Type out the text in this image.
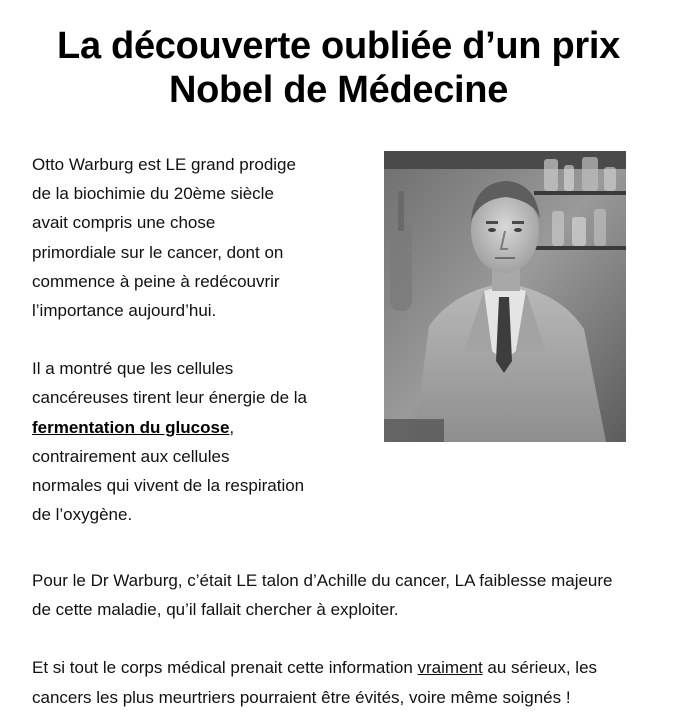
La découverte oubliée d’un prix
Nobel de Médecine

Otto Warburg est LE grand prodige
de la biochimie du 20ème siècle
avait compris une chose
primordiale sur le cancer, dont on
commence à peine à redécouvrir
l’importance aujourd’hui.

Il a montré que les cellules
cancéreuses tirent leur énergie de la
fermentation du glucose,
contrairement aux cellules
normales qui vivent de la respiration
de l’oxygène.

Pour le Dr Warburg, c’était LE talon d’Achille du cancer, LA faiblesse majeure
de cette maladie, qu’il fallait chercher à exploiter.

Et si tout le corps médical prenait cette information vraiment au sérieux, les
cancers les plus meurtriers pourraient être évités, voire même soignés !
